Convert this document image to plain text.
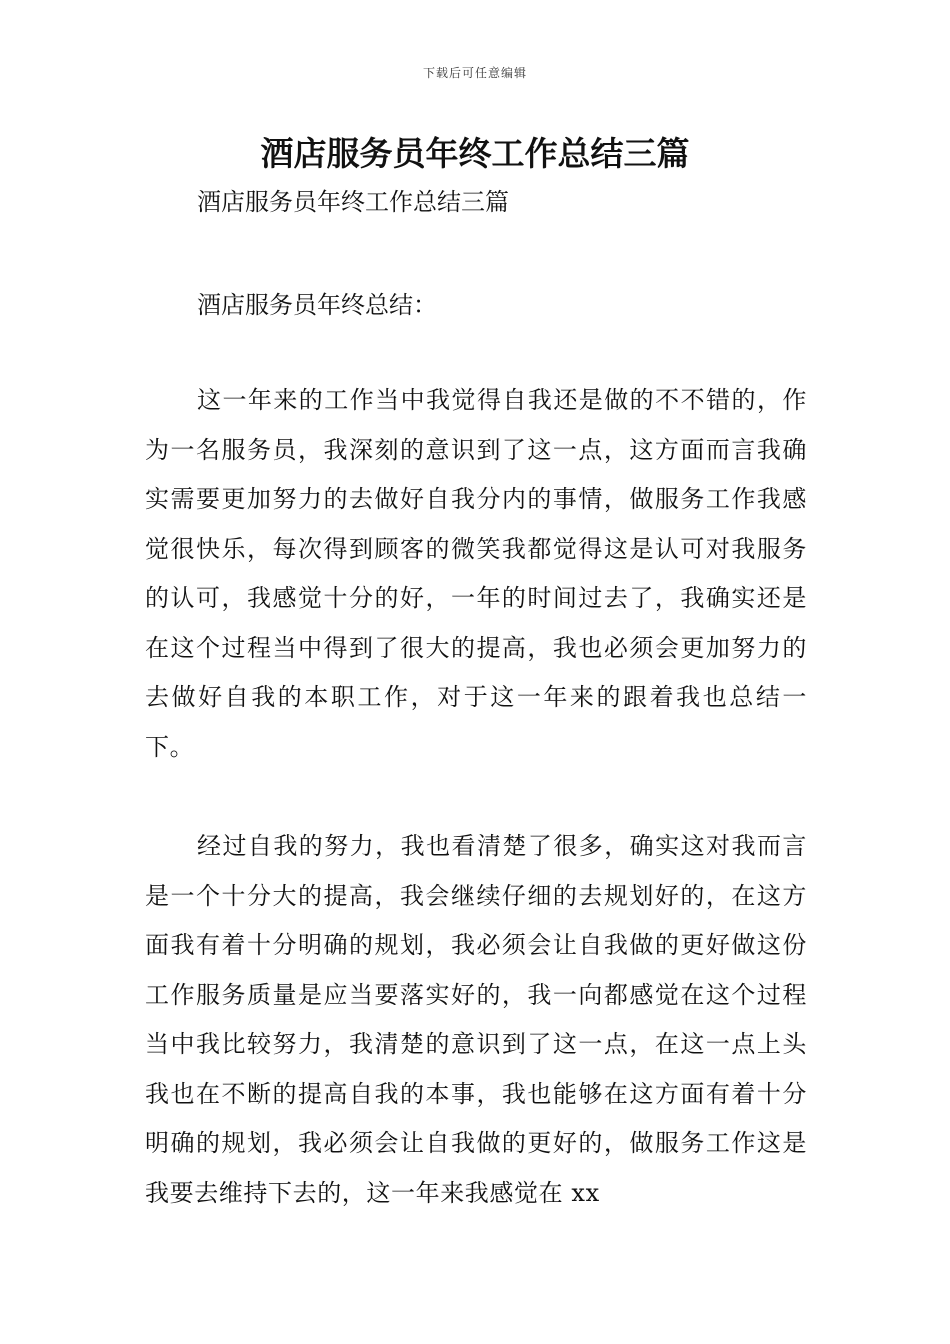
下载后可任意编辑
酒店服务员年终工作总结三篇

酒店服务员年终工作总结三篇

酒店服务员年终总结：

这一年来的工作当中我觉得自我还是做的不不错的，作为一名服务员，我深刻的意识到了这一点，这方面而言我确实需要更加努力的去做好自我分内的事情，做服务工作我感觉很快乐，每次得到顾客的微笑我都觉得这是认可对我服务的认可，我感觉十分的好，一年的时间过去了，我确实还是在这个过程当中得到了很大的提高，我也必须会更加努力的去做好自我的本职工作，对于这一年来的跟着我也总结一下。

经过自我的努力，我也看清楚了很多，确实这对我而言是一个十分大的提高，我会继续仔细的去规划好的，在这方面我有着十分明确的规划，我必须会让自我做的更好做这份工作服务质量是应当要落实好的，我一向都感觉在这个过程当中我比较努力，我清楚的意识到了这一点，在这一点上头我也在不断的提高自我的本事，我也能够在这方面有着十分明确的规划，我必须会让自我做的更好的，做服务工作这是我要去维持下去的，这一年来我感觉在 xx
